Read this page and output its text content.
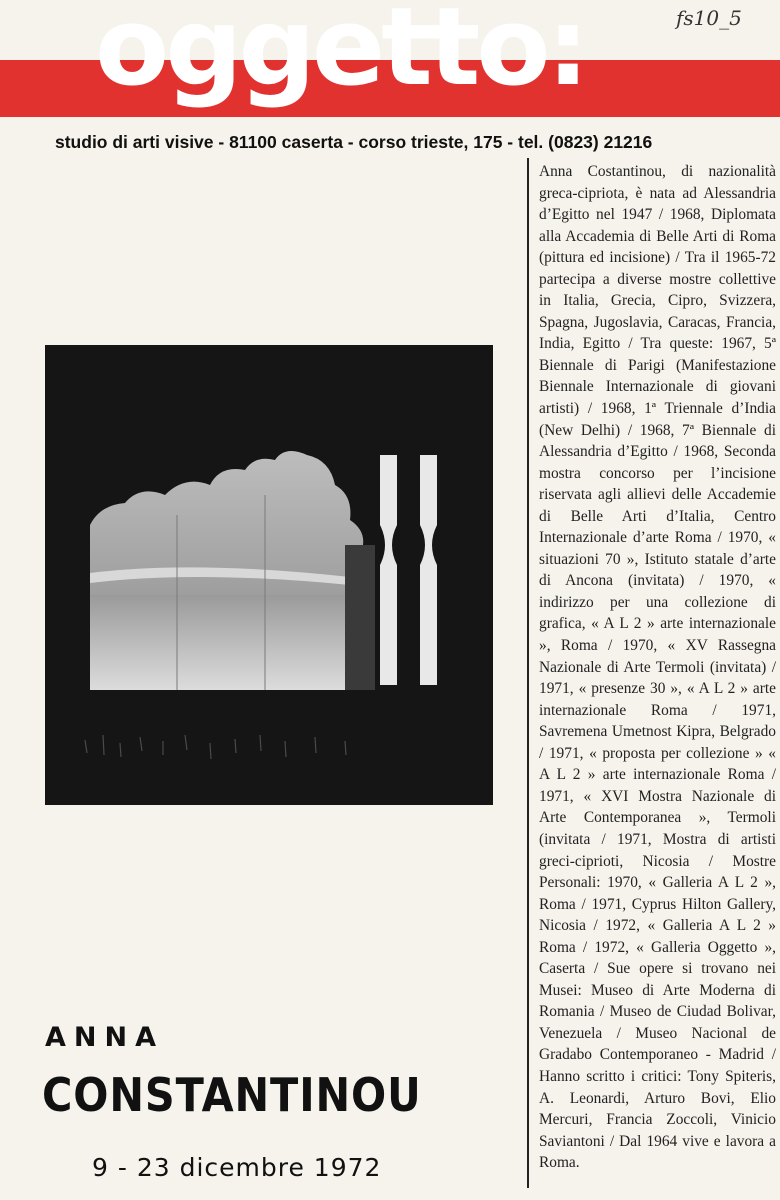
oggetto:	fs10_5
studio di arti visive - 81100 caserta - corso trieste, 175 - tel. (0823) 21216
Anna Costantinou, di nazionalità greca-cipriota, è nata ad Alessandria d’Egitto nel 1947 / 1968, Diplomata alla Accademia di Belle Arti di Roma (pittura ed incisione) / Tra il 1965-72 partecipa a diverse mostre collettive in Italia, Grecia, Cipro, Svizzera, Spagna, Jugoslavia, Caracas, Francia, India, Egitto / Tra queste: 1967, 5ª Biennale di Parigi (Manifestazione Biennale Internazionale di giovani artisti) / 1968, 1ª Triennale d’India (New Delhi) / 1968, 7ª Biennale di Alessandria d’Egitto / 1968, Seconda mostra concorso per l’incisione riservata agli allievi delle Accademie di Belle Arti d’Italia, Centro Internazionale d’arte Roma / 1970, « situazioni 70 », Istituto statale d’arte di Ancona (invitata) / 1970, « indirizzo per una collezione di grafica, « A L 2 » arte internazionale », Roma / 1970, « XV Rassegna Nazionale di Arte Termoli (invitata) / 1971, « presenze 30 », « A L 2 » arte internazionale Roma / 1971, Savremena Umetnost Kipra, Belgrado / 1971, « proposta per collezione » « A L 2 » arte internazionale Roma / 1971, « XVI Mostra Nazionale di Arte Contemporanea », Termoli (invitata / 1971, Mostra di artisti greci-ciprioti, Nicosia / Mostre Personali: 1970, « Galleria A L 2 », Roma / 1971, Cyprus Hilton Gallery, Nicosia / 1972, « Galleria A L 2 » Roma / 1972, « Galleria Oggetto », Caserta / Sue opere si trovano nei Musei: Museo di Arte Moderna di Romania / Museo de Ciudad Bolivar, Venezuela / Museo Nacional de Gradabo Contemporaneo - Madrid / Hanno scritto i critici: Tony Spiteris, A. Leonardi, Arturo Bovi, Elio Mercuri, Francia Zoccoli, Vinicio Saviantoni / Dal 1964 vive e lavora a Roma.
ANNA
CONSTANTINOU
9 - 23 dicembre 1972
